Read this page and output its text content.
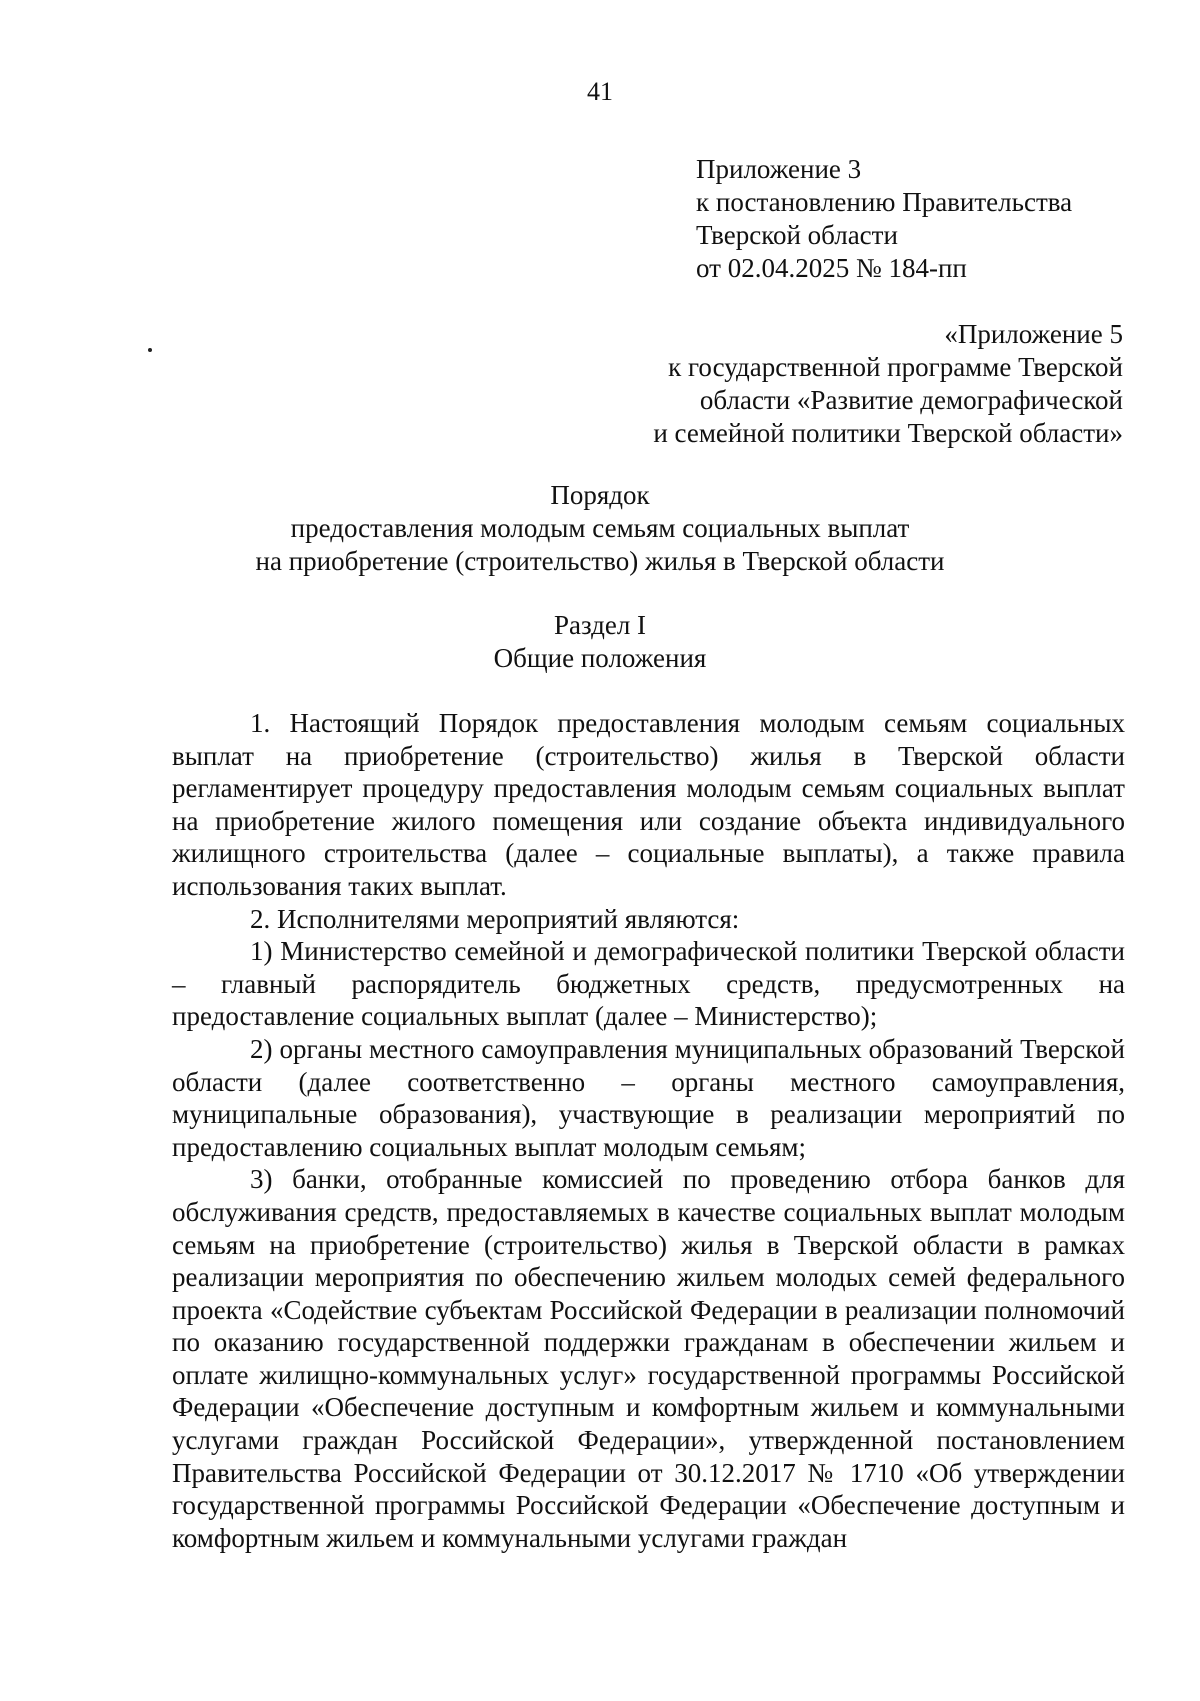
41
Приложение 3
к постановлению Правительства
Тверской области
от 02.04.2025 № 184-пп
«Приложение 5
к государственной программе Тверской
области «Развитие демографической
и семейной политики Тверской области»
Порядок
предоставления молодым семьям социальных выплат
на приобретение (строительство) жилья в Тверской области
Раздел I
Общие положения

1. Настоящий Порядок предоставления молодым семьям социальных выплат на приобретение (строительство) жилья в Тверской области регламентирует процедуру предоставления молодым семьям социальных выплат на приобретение жилого помещения или создание объекта индивидуального жилищного строительства (далее – социальные выплаты), а также правила использования таких выплат.

2. Исполнителями мероприятий являются:

1) Министерство семейной и демографической политики Тверской области – главный распорядитель бюджетных средств, предусмотренных на предоставление социальных выплат (далее – Министерство);

2) органы местного самоуправления муниципальных образований Тверской области (далее соответственно – органы местного самоуправления, муниципальные образования), участвующие в реализации мероприятий по предоставлению социальных выплат молодым семьям;

3) банки, отобранные комиссией по проведению отбора банков для обслуживания средств, предоставляемых в качестве социальных выплат молодым семьям на приобретение (строительство) жилья в Тверской области в рамках реализации мероприятия по обеспечению жильем молодых семей федерального проекта «Содействие субъектам Российской Федерации в реализации полномочий по оказанию государственной поддержки гражданам в обеспечении жильем и оплате жилищно-коммунальных услуг» государственной программы Российской Федерации «Обеспечение доступным и комфортным жильем и коммунальными услугами граждан Российской Федерации», утвержденной постановлением Правительства Российской Федерации от 30.12.2017 № 1710 «Об утверждении государственной программы Российской Федерации «Обеспечение доступным и комфортным жильем и коммунальными услугами граждан
